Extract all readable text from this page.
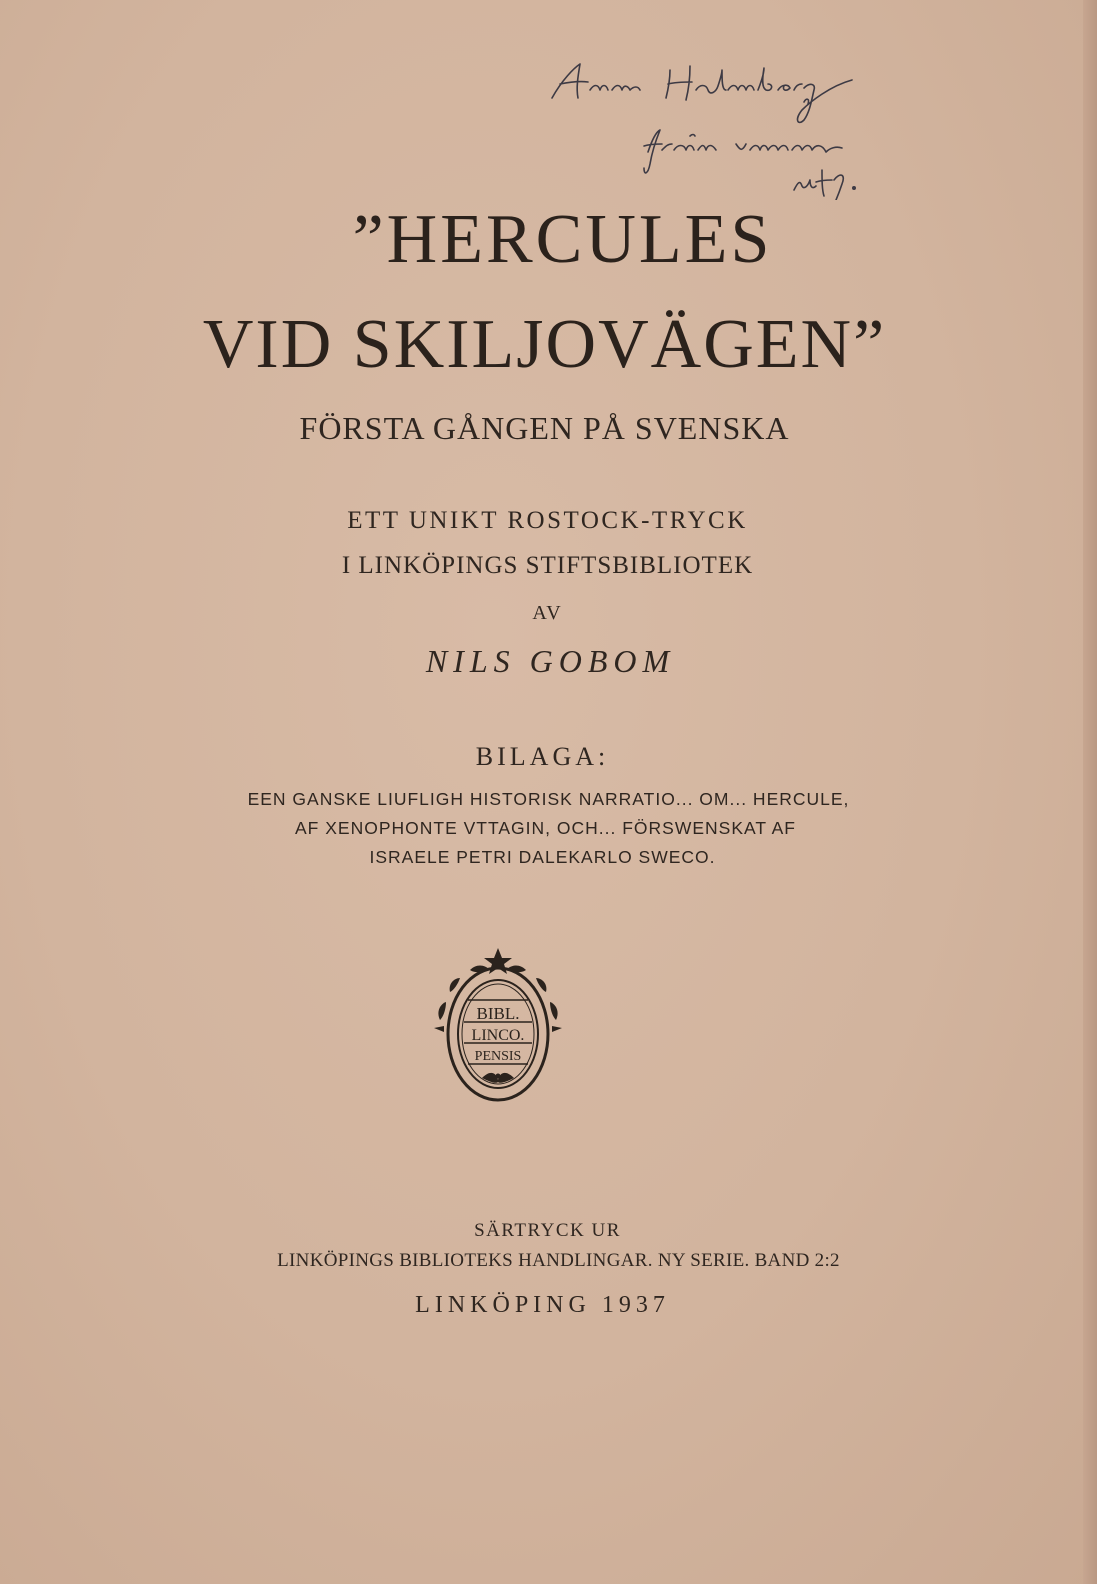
”HERCULES
VID SKILJOVÄGEN”
FÖRSTA GÅNGEN PÅ SVENSKA
ETT UNIKT ROSTOCK-TRYCK
I LINKÖPINGS STIFTSBIBLIOTEK
AV
NILS GOBOM
BILAGA:
EEN GANSKE LIUFLIGH HISTORISK NARRATIO... OM... HERCULE,
AF XENOPHONTE VTTAGIN, OCH... FÖRSWENSKAT AF
ISRAELE PETRI DALEKARLO SWECO.
BIBL.
LINCO.
PENSIS
SÄRTRYCK UR
LINKÖPINGS BIBLIOTEKS HANDLINGAR. NY SERIE. BAND 2:2
LINKÖPING 1937
